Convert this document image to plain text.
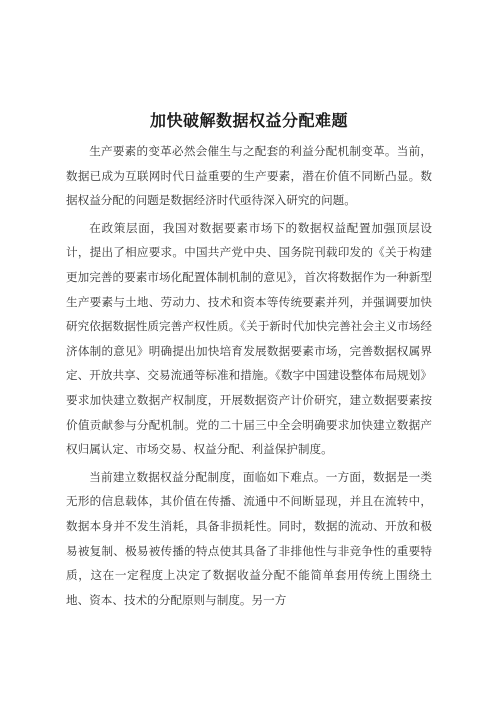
加快破解数据权益分配难题

生产要素的变革必然会催生与之配套的利益分配机制变革。当前，数据已成为互联网时代日益重要的生产要素，潜在价值不同断凸显。数据权益分配的问题是数据经济时代亟待深入研究的问题。

在政策层面，我国对数据要素市场下的数据权益配置加强顶层设计，提出了相应要求。中国共产党中央、国务院刊载印发的《关于构建更加完善的要素市场化配置体制机制的意见》，首次将数据作为一种新型生产要素与土地、劳动力、技术和资本等传统要素并列，并强调要加快研究依据数据性质完善产权性质。《关于新时代加快完善社会主义市场经济体制的意见》明确提出加快培育发展数据要素市场，完善数据权属界定、开放共享、交易流通等标准和措施。《数字中国建设整体布局规划》要求加快建立数据产权制度，开展数据资产计价研究，建立数据要素按价值贡献参与分配机制。党的二十届三中全会明确要求加快建立数据产权归属认定、市场交易、权益分配、利益保护制度。

当前建立数据权益分配制度，面临如下难点。一方面，数据是一类无形的信息载体，其价值在传播、流通中不间断显现，并且在流转中，数据本身并不发生消耗，具备非损耗性。同时，数据的流动、开放和极易被复制、极易被传播的特点使其具备了非排他性与非竞争性的重要特质，这在一定程度上决定了数据收益分配不能简单套用传统上围绕土地、资本、技术的分配原则与制度。另一方
